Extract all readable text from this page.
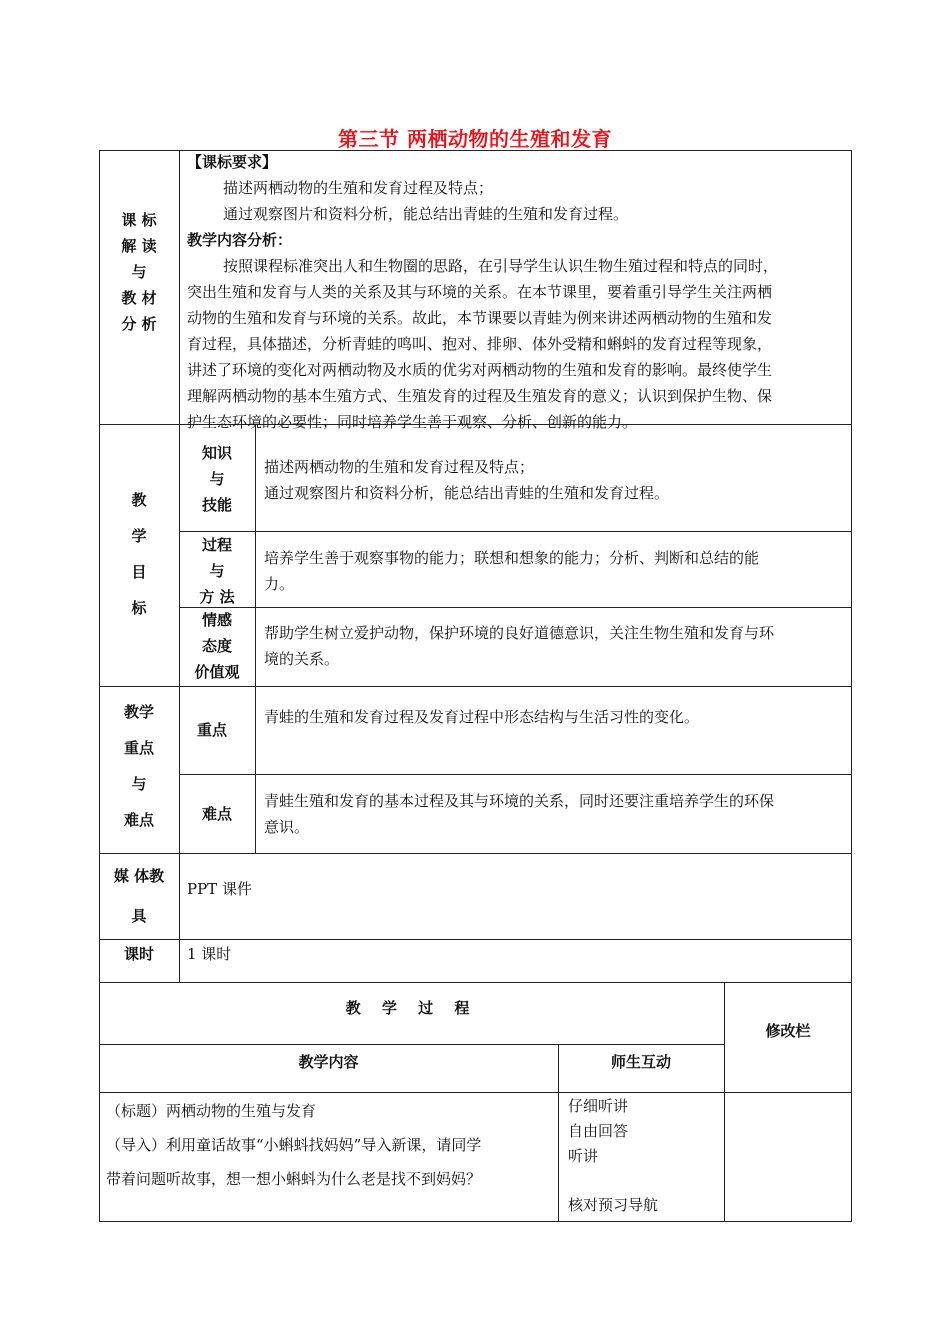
第三节 两栖动物的生殖和发育
课 标
解 读
与
教 材
分 析
【课标要求】
描述两栖动物的生殖和发育过程及特点；
通过观察图片和资料分析，能总结出青蛙的生殖和发育过程。
教学内容分析：
按照课程标准突出人和生物圈的思路，在引导学生认识生物生殖过程和特点的同时，
突出生殖和发育与人类的关系及其与环境的关系。在本节课里，要着重引导学生关注两栖
动物的生殖和发育与环境的关系。故此，本节课要以青蛙为例来讲述两栖动物的生殖和发
育过程，具体描述，分析青蛙的鸣叫、抱对、排卵、体外受精和蝌蚪的发育过程等现象，
讲述了环境的变化对两栖动物及水质的优劣对两栖动物的生殖和发育的影响。最终使学生
理解两栖动物的基本生殖方式、生殖发育的过程及生殖发育的意义；认识到保护生物、保
护生态环境的必要性；同时培养学生善于观察、分析、创新的能力。
教
学
目
标
知识
与
技能
描述两栖动物的生殖和发育过程及特点；
通过观察图片和资料分析，能总结出青蛙的生殖和发育过程。
过程
与
方 法
培养学生善于观察事物的能力；联想和想象的能力；分析、判断和总结的能
力。
情感
态度
价值观
帮助学生树立爱护动物，保护环境的良好道德意识，关注生物生殖和发育与环
境的关系。
教学
重点
与
难点
重点
青蛙的生殖和发育过程及发育过程中形态结构与生活习性的变化。
难点
青蛙生殖和发育的基本过程及其与环境的关系，同时还要注重培养学生的环保
意识。
媒 体教
具
PPT 课件
课时	1 课时
教 学 过 程
修改栏
教学内容	师生互动
（标题）两栖动物的生殖与发育
（导入）利用童话故事“小蝌蚪找妈妈”导入新课，请同学
带着问题听故事，想一想小蝌蚪为什么老是找不到妈妈？
仔细听讲
自由回答
听讲
核对预习导航
